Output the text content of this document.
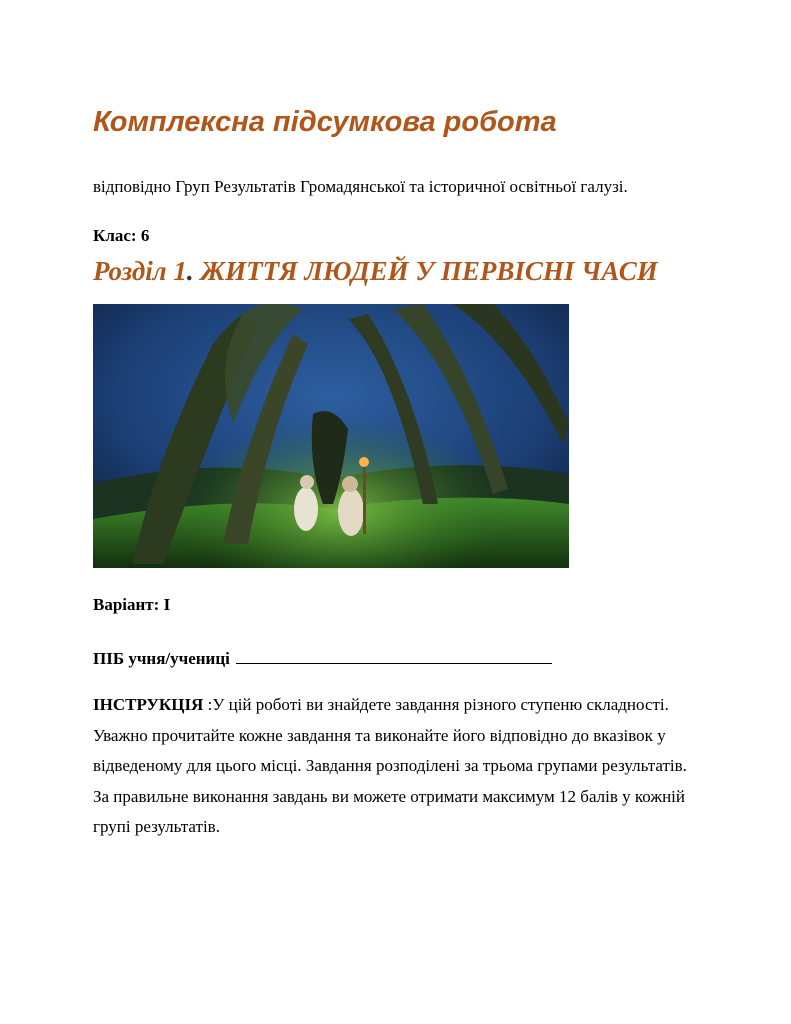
Комплексна підсумкова робота

відповідно Груп Результатів Громадянської та історичної освітньої галузі.

Клас: 6

Розділ 1. ЖИТТЯ ЛЮДЕЙ У ПЕРВІСНІ ЧАСИ

Варіант: І

ПІБ учня/учениці

ІНСТРУКЦІЯ :У цій роботі ви знайдете завдання різного ступеню складності.
Уважно прочитайте кожне завдання та виконайте його відповідно до вказівок у
відведеному для цього місці. Завдання розподілені за трьома групами результатів.
За правильне виконання завдань ви можете отримати максимум 12 балів у кожній
групі результатів.
